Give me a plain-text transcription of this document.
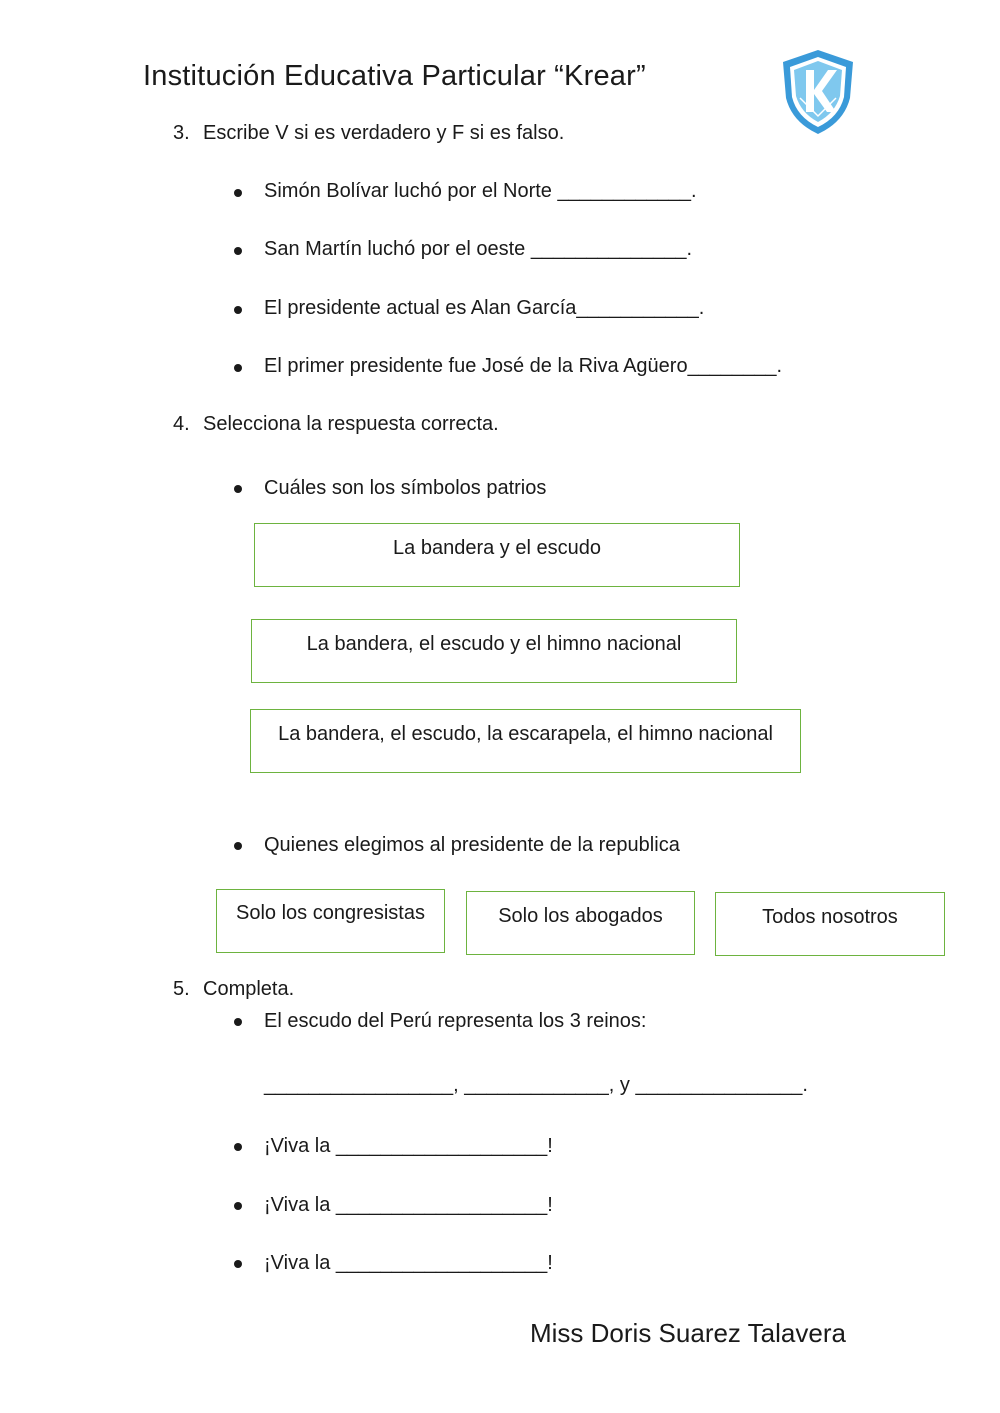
Institución Educativa Particular “Krear”
3. Escribe V si es verdadero y F si es falso.
Simón Bolívar luchó por el Norte ____________.
San Martín luchó por el oeste ______________.
El presidente actual es Alan García___________.
El primer presidente fue José de la Riva Agüero________.
4. Selecciona la respuesta correcta.
Cuáles son los símbolos patrios
La bandera y el escudo
La bandera, el escudo y el himno nacional
La bandera, el escudo, la escarapela, el himno nacional
Quienes elegimos al presidente de la republica
Solo los congresistas	Solo los abogados	Todos nosotros
5. Completa.
El escudo del Perú representa los 3 reinos:
_________________, _____________, y _______________.
¡Viva la ___________________!
¡Viva la ___________________!
¡Viva la ___________________!
Miss Doris Suarez Talavera
